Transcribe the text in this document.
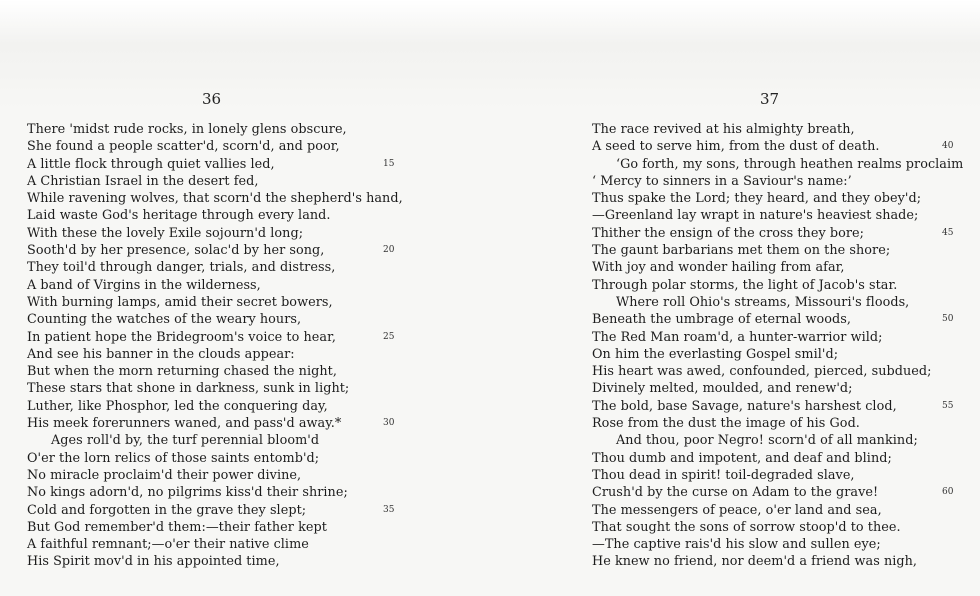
36
There 'midst rude rocks, in lonely glens obscure,
She found a people scatter'd, scorn'd, and poor,
A little flock through quiet vallies led,	15
A Christian Israel in the desert fed,
While ravening wolves, that scorn'd the shepherd's hand,
Laid waste God's heritage through every land.
With these the lovely Exile sojourn'd long;
Sooth'd by her presence, solac'd by her song,	20
They toil'd through danger, trials, and distress,
A band of Virgins in the wilderness,
With burning lamps, amid their secret bowers,
Counting the watches of the weary hours,
In patient hope the Bridegroom's voice to hear,	25
And see his banner in the clouds appear:
But when the morn returning chased the night,
These stars that shone in darkness, sunk in light;
Luther, like Phosphor, led the conquering day,
His meek forerunners waned, and pass'd away.*	30
Ages roll'd by, the turf perennial bloom'd
O'er the lorn relics of those saints entomb'd;
No miracle proclaim'd their power divine,
No kings adorn'd, no pilgrims kiss'd their shrine;
Cold and forgotten in the grave they slept;	35
But God remember'd them:—their father kept
A faithful remnant;—o'er their native clime
His Spirit mov'd in his appointed time,
37
The race revived at his almighty breath,
A seed to serve him, from the dust of death.	40
‘Go forth, my sons, through heathen realms proclaim
‘ Mercy to sinners in a Saviour's name:’
Thus spake the Lord; they heard, and they obey'd;
—Greenland lay wrapt in nature's heaviest shade;
Thither the ensign of the cross they bore;	45
The gaunt barbarians met them on the shore;
With joy and wonder hailing from afar,
Through polar storms, the light of Jacob's star.
Where roll Ohio's streams, Missouri's floods,
Beneath the umbrage of eternal woods,	50
The Red Man roam'd, a hunter-warrior wild;
On him the everlasting Gospel smil'd;
His heart was awed, confounded, pierced, subdued;
Divinely melted, moulded, and renew'd;
The bold, base Savage, nature's harshest clod,	55
Rose from the dust the image of his God.
And thou, poor Negro! scorn'd of all mankind;
Thou dumb and impotent, and deaf and blind;
Thou dead in spirit! toil-degraded slave,
Crush'd by the curse on Adam to the grave!	60
The messengers of peace, o'er land and sea,
That sought the sons of sorrow stoop'd to thee.
—The captive rais'd his slow and sullen eye;
He knew no friend, nor deem'd a friend was nigh,
